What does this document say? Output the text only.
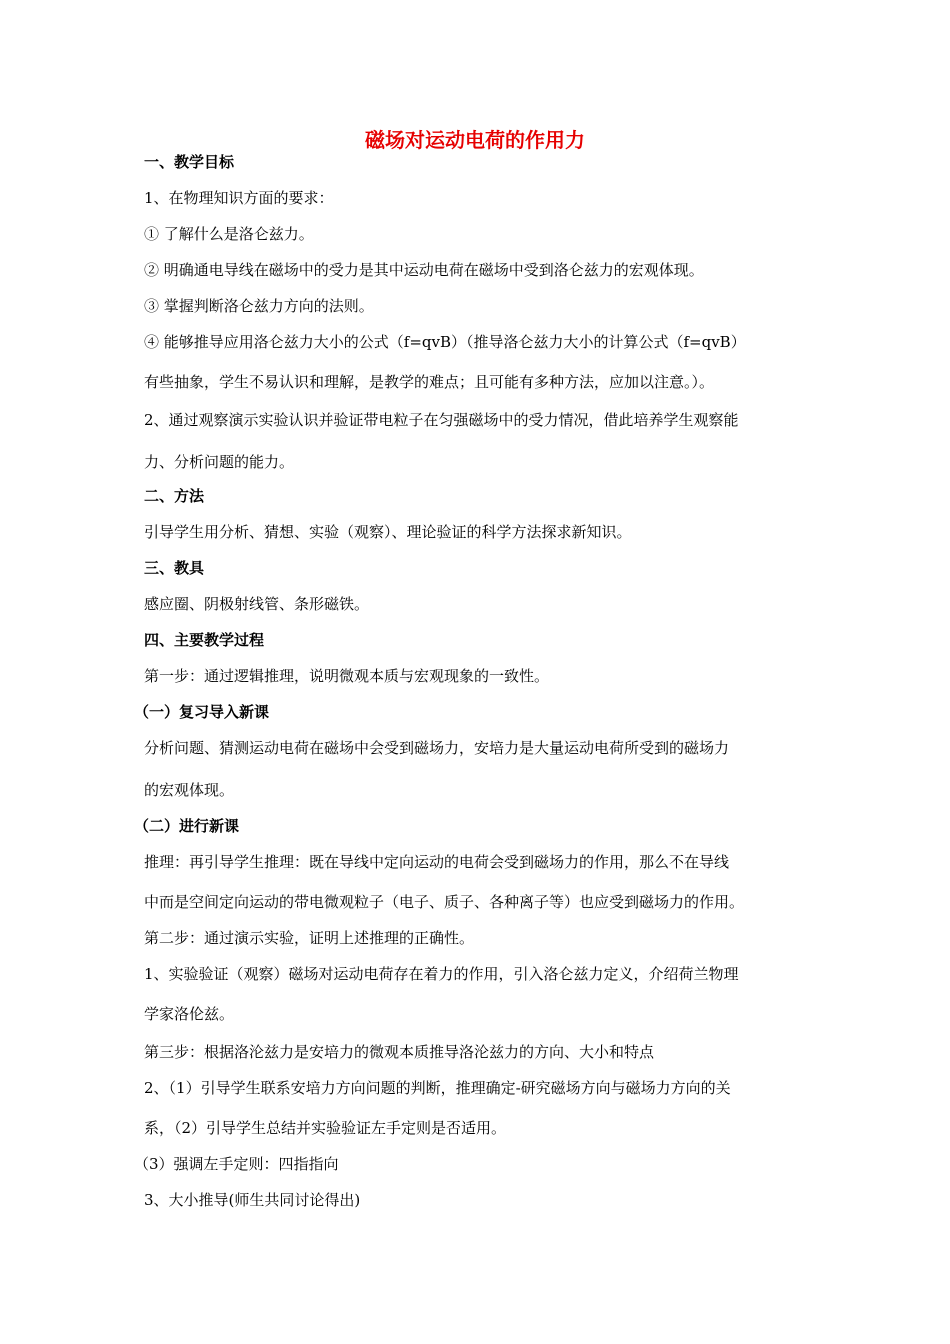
磁场对运动电荷的作用力
一、教学目标
1、在物理知识方面的要求：
① 了解什么是洛仑兹力。
② 明确通电导线在磁场中的受力是其中运动电荷在磁场中受到洛仑兹力的宏观体现。
③ 掌握判断洛仑兹力方向的法则。
④ 能够推导应用洛仑兹力大小的公式（f=qvB）（推导洛仑兹力大小的计算公式（f=qvB）
有些抽象，学生不易认识和理解，是教学的难点；且可能有多种方法，应加以注意。）。
2、通过观察演示实验认识并验证带电粒子在匀强磁场中的受力情况，借此培养学生观察能
力、分析问题的能力。
二、方法
引导学生用分析、猜想、实验（观察）、理论验证的科学方法探求新知识。
三、教具
感应圈、阴极射线管、条形磁铁。
四、主要教学过程
第一步：通过逻辑推理，说明微观本质与宏观现象的一致性。
（一）复习导入新课
分析问题、猜测运动电荷在磁场中会受到磁场力，安培力是大量运动电荷所受到的磁场力
的宏观体现。
（二）进行新课
推理：再引导学生推理：既在导线中定向运动的电荷会受到磁场力的作用，那么不在导线
中而是空间定向运动的带电微观粒子（电子、质子、各种离子等）也应受到磁场力的作用。
第二步：通过演示实验，证明上述推理的正确性。
1、实验验证（观察）磁场对运动电荷存在着力的作用，引入洛仑兹力定义，介绍荷兰物理
学家洛伦兹。
第三步：根据洛沦兹力是安培力的微观本质推导洛沦兹力的方向、大小和特点
2、（1）引导学生联系安培力方向问题的判断，推理确定-研究磁场方向与磁场力方向的关
系，（2）引导学生总结并实验验证左手定则是否适用。
（3）强调左手定则：四指指向
3、大小推导(师生共同讨论得出)
